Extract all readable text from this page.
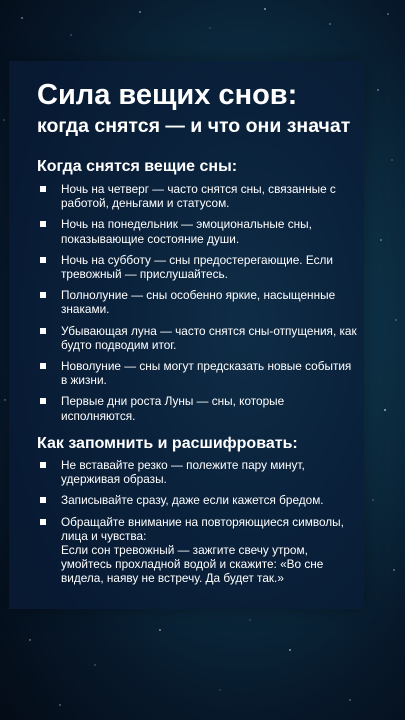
Сила вещих снов:
когда снятся — и что они значат
Когда снятся вещие сны:
Ночь на четверг — часто снятся сны, связанные с работой, деньгами и статусом.
Ночь на понедельник — эмоциональные сны, показывающие состояние души.
Ночь на субботу — сны предостерегающие. Если тревожный — прислушайтесь.
Полнолуние — сны особенно яркие, насыщенные знаками.
Убывающая луна — часто снятся сны-отпущения, как будто подводим итог.
Новолуние — сны могут предсказать новые события в жизни.
Первые дни роста Луны — сны, которые исполняются.
Как запомнить и расшифровать:
Не вставайте резко — полежите пару минут, удерживая образы.
Записывайте сразу, даже если кажется бредом.
Обращайте внимание на повторяющиеся символы, лица и чувства:
Если сон тревожный — зажгите свечу утром, умойтесь прохладной водой и скажите: «Во сне видела, наяву не встречу. Да будет так.»
